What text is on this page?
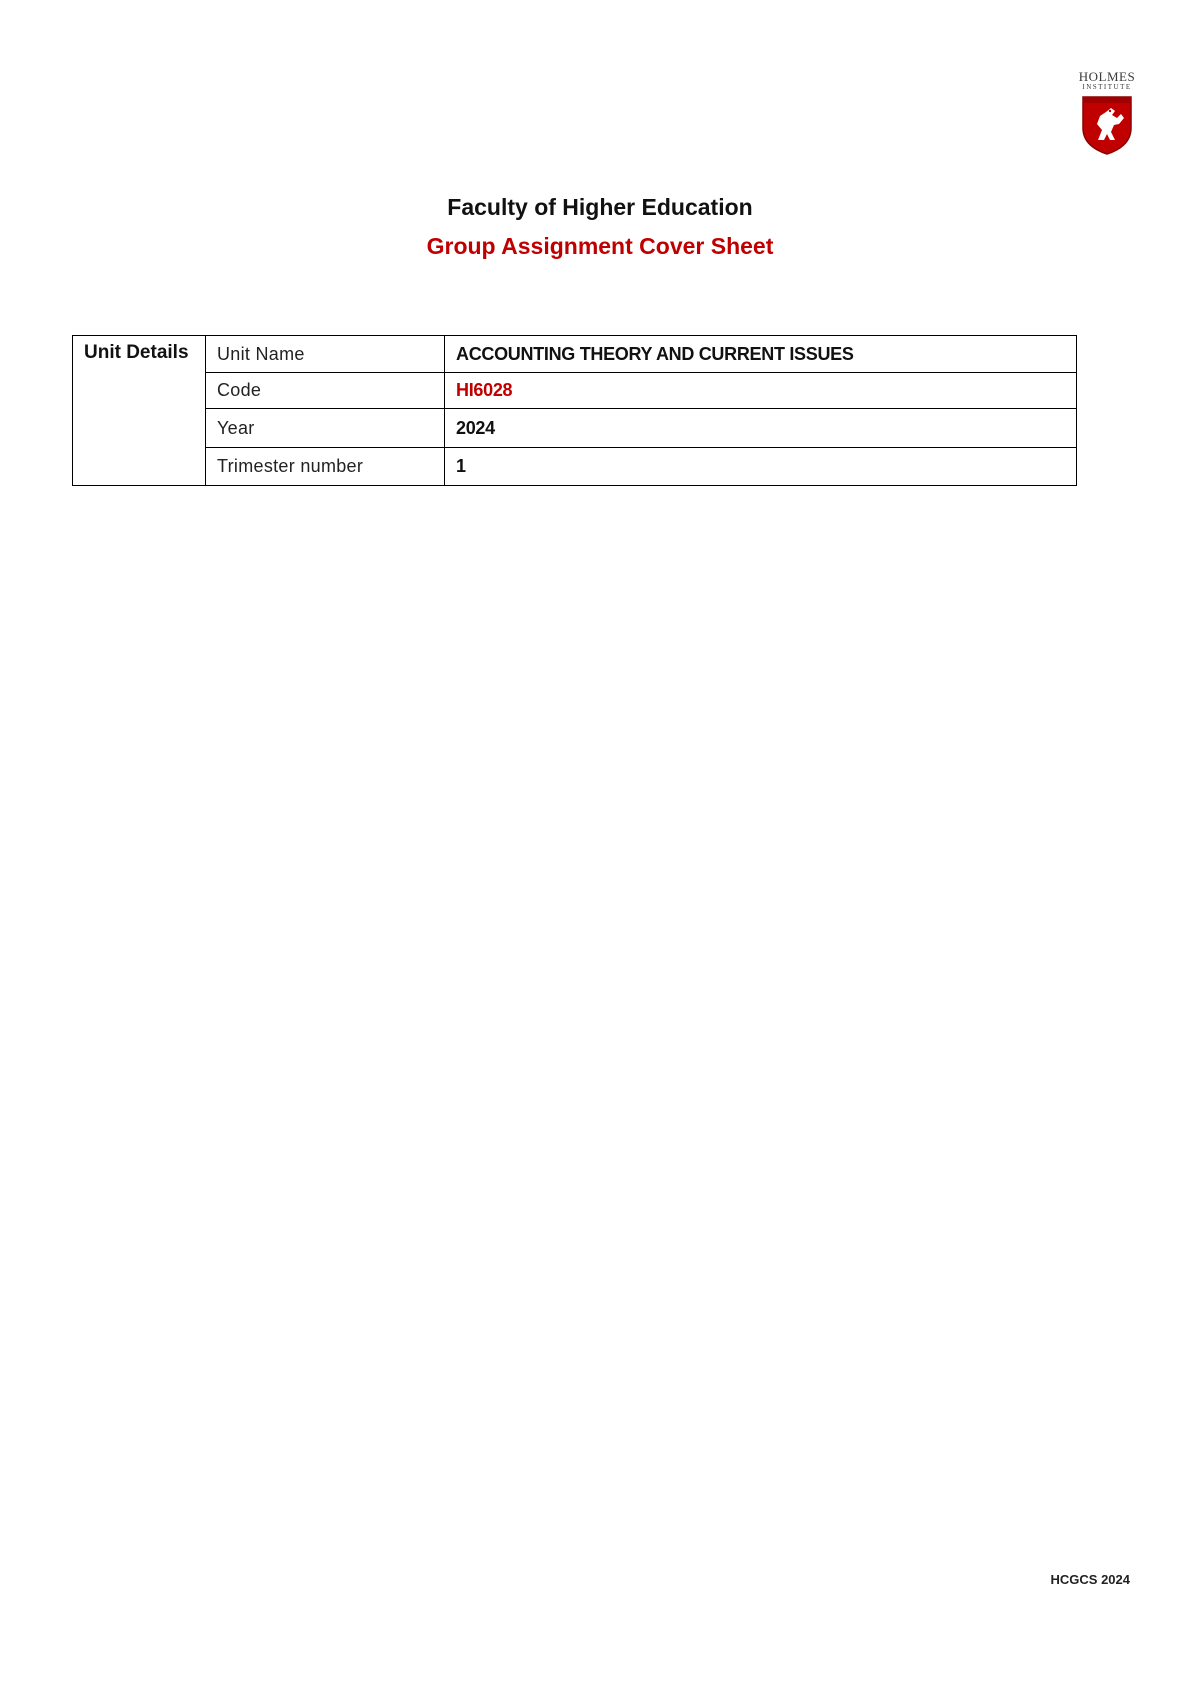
HOLMES
INSTITUTE
Faculty of Higher Education
Group Assignment Cover Sheet
Unit Details	Unit Name	ACCOUNTING THEORY AND CURRENT ISSUES
	Code	HI6028
	Year	2024
	Trimester number	1
HCGCS 2024
